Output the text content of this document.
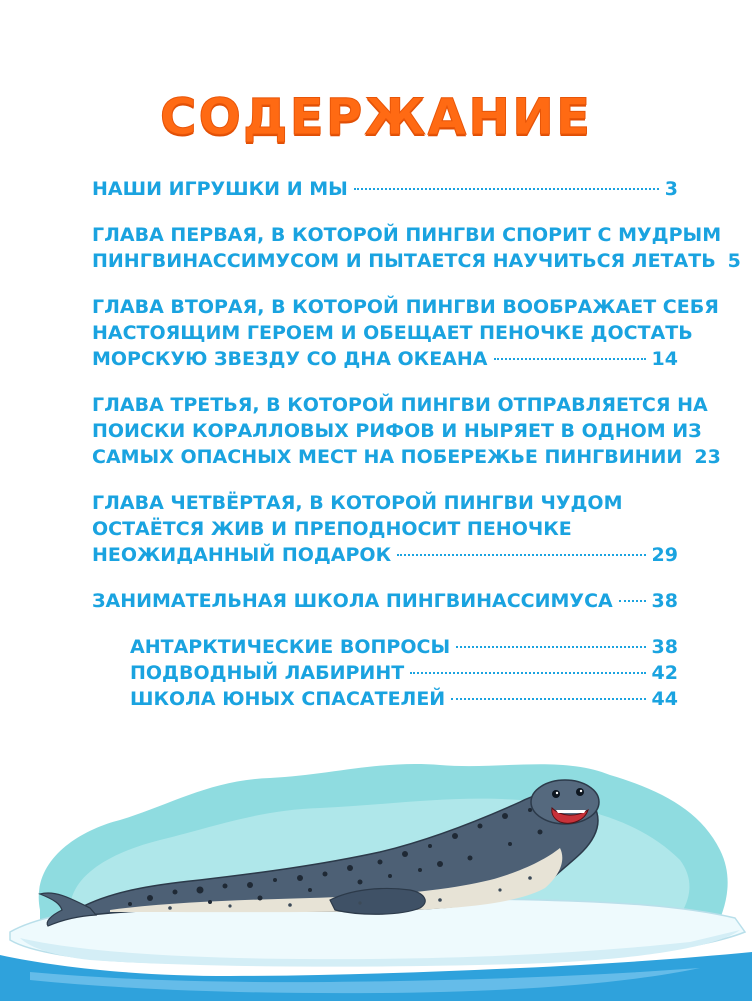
СОДЕРЖАНИЕ
НАШИ ИГРУШКИ И МЫ	3
ГЛАВА ПЕРВАЯ, В КОТОРОЙ ПИНГВИ СПОРИТ С МУДРЫМ
ПИНГВИНАССИМУСОМ И ПЫТАЕТСЯ НАУЧИТЬСЯ ЛЕТАТЬ 5
ГЛАВА ВТОРАЯ, В КОТОРОЙ ПИНГВИ ВООБРАЖАЕТ СЕБЯ
НАСТОЯЩИМ ГЕРОЕМ И ОБЕЩАЕТ ПЕНОЧКЕ ДОСТАТЬ
МОРСКУЮ ЗВЕЗДУ СО ДНА ОКЕАНА	14
ГЛАВА ТРЕТЬЯ, В КОТОРОЙ ПИНГВИ ОТПРАВЛЯЕТСЯ НА
ПОИСКИ КОРАЛЛОВЫХ РИФОВ И НЫРЯЕТ В ОДНОМ ИЗ
САМЫХ ОПАСНЫХ МЕСТ НА ПОБЕРЕЖЬЕ ПИНГВИНИИ 23
ГЛАВА ЧЕТВЁРТАЯ, В КОТОРОЙ ПИНГВИ ЧУДОМ
ОСТАЁТСЯ ЖИВ И ПРЕПОДНОСИТ ПЕНОЧКЕ
НЕОЖИДАННЫЙ ПОДАРОК	29
ЗАНИМАТЕЛЬНАЯ ШКОЛА ПИНГВИНАССИМУСА 38
АНТАРКТИЧЕСКИЕ ВОПРОСЫ	38
ПОДВОДНЫЙ ЛАБИРИНТ	42
ШКОЛА ЮНЫХ СПАСАТЕЛЕЙ	44
